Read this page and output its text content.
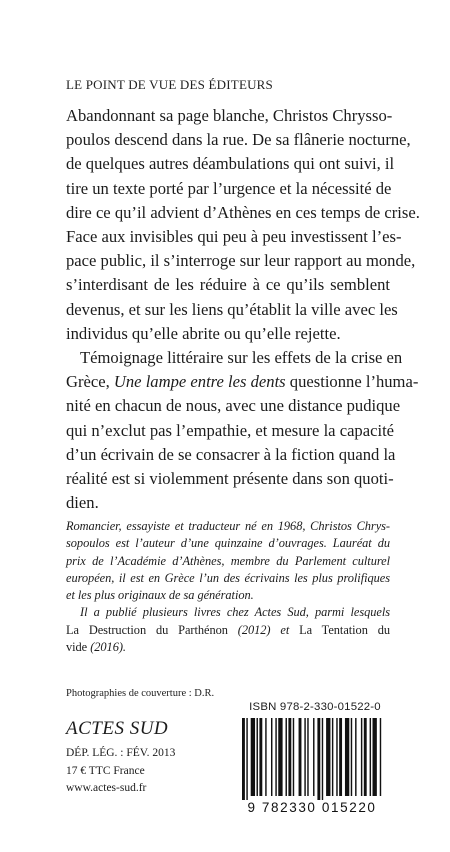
LE POINT DE VUE DES ÉDITEURS
Abandonnant sa page blanche, Christos Chrysso-
poulos descend dans la rue. De sa flânerie nocturne,
de quelques autres déambulations qui ont suivi, il
tire un texte porté par l’urgence et la nécessité de
dire ce qu’il advient d’Athènes en ces temps de crise.
Face aux invisibles qui peu à peu investissent l’es-
pace public, il s’interroge sur leur rapport au monde,
s’interdisant de les réduire à ce qu’ils semblent
devenus, et sur les liens qu’établit la ville avec les
individus qu’elle abrite ou qu’elle rejette.
Témoignage littéraire sur les effets de la crise en
Grèce, Une lampe entre les dents questionne l’huma-
nité en chacun de nous, avec une distance pudique
qui n’exclut pas l’empathie, et mesure la capacité
d’un écrivain de se consacrer à la fiction quand la
réalité est si violemment présente dans son quoti-
dien.
Romancier, essayiste et traducteur né en 1968, Christos Chrys-
sopoulos est l’auteur d’une quinzaine d’ouvrages. Lauréat du
prix de l’Académie d’Athènes, membre du Parlement culturel
européen, il est en Grèce l’un des écrivains les plus prolifiques
et les plus originaux de sa génération.
Il a publié plusieurs livres chez Actes Sud, parmi lesquels
La Destruction du Parthénon (2012) et La Tentation du
vide (2016).
Photographies de couverture : D.R.
ACTES SUD
DÉP. LÉG. : FÉV. 2013
17 € TTC France
www.actes-sud.fr
ISBN 978-2-330-01522-0
9 782330 015220
